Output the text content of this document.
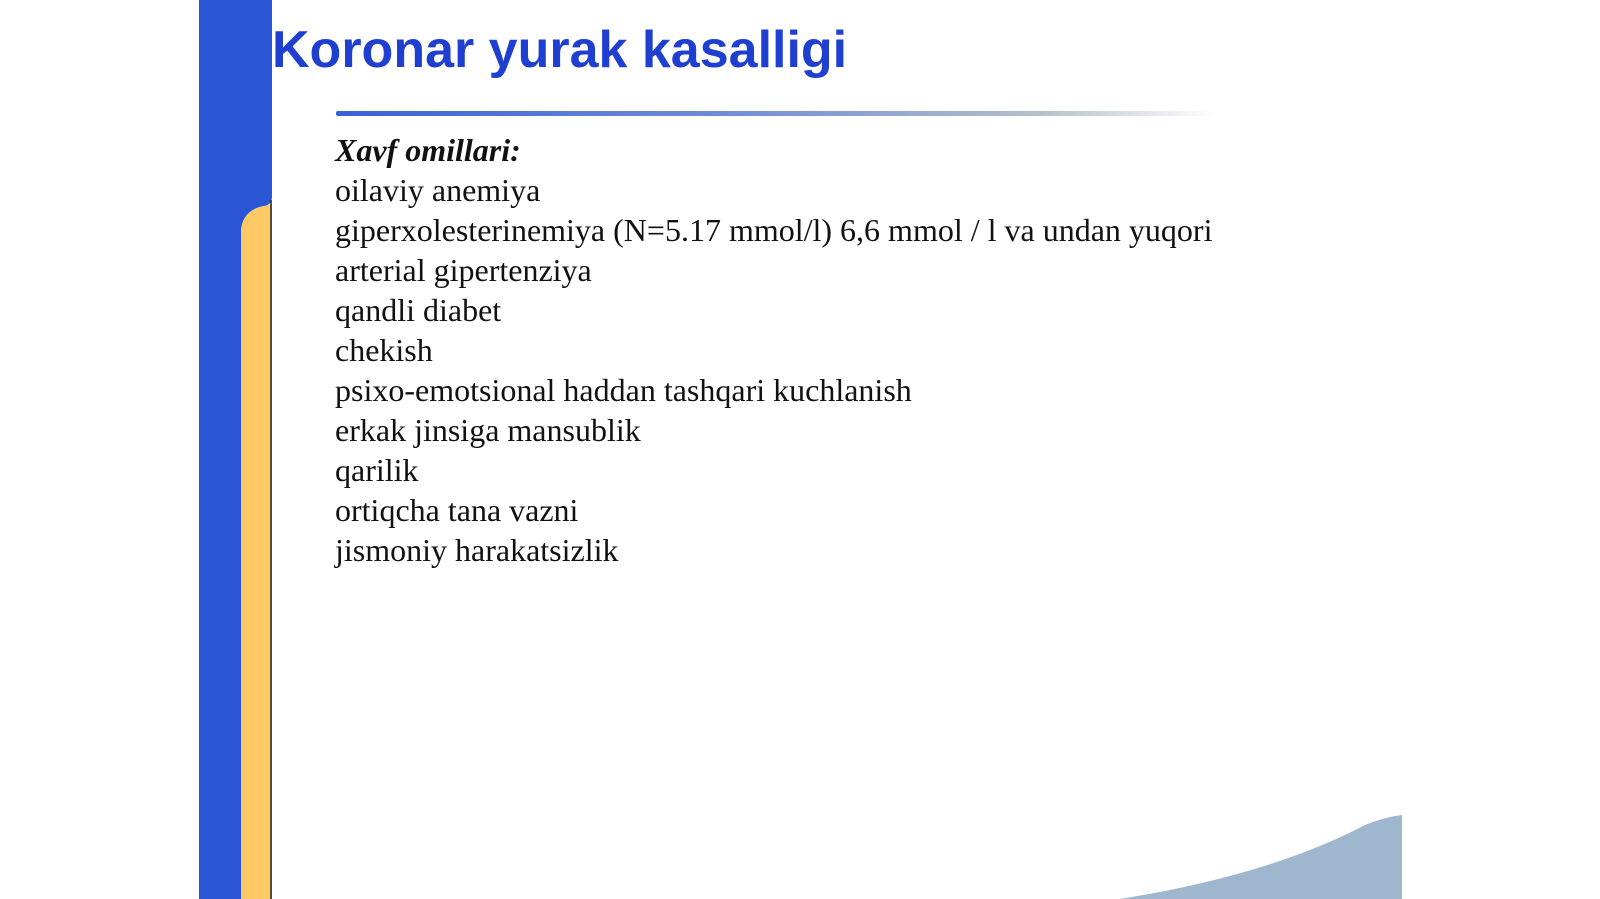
Koronar yurak kasalligi
Xavf omillari:
oilaviy anemiya
giperxolesterinemiya (N=5.17 mmol/l) 6,6 mmol / l va undan yuqori
arterial gipertenziya
qandli diabet
chekish
psixo-emotsional haddan tashqari kuchlanish
erkak jinsiga mansublik
qarilik
ortiqcha tana vazni
jismoniy harakatsizlik
